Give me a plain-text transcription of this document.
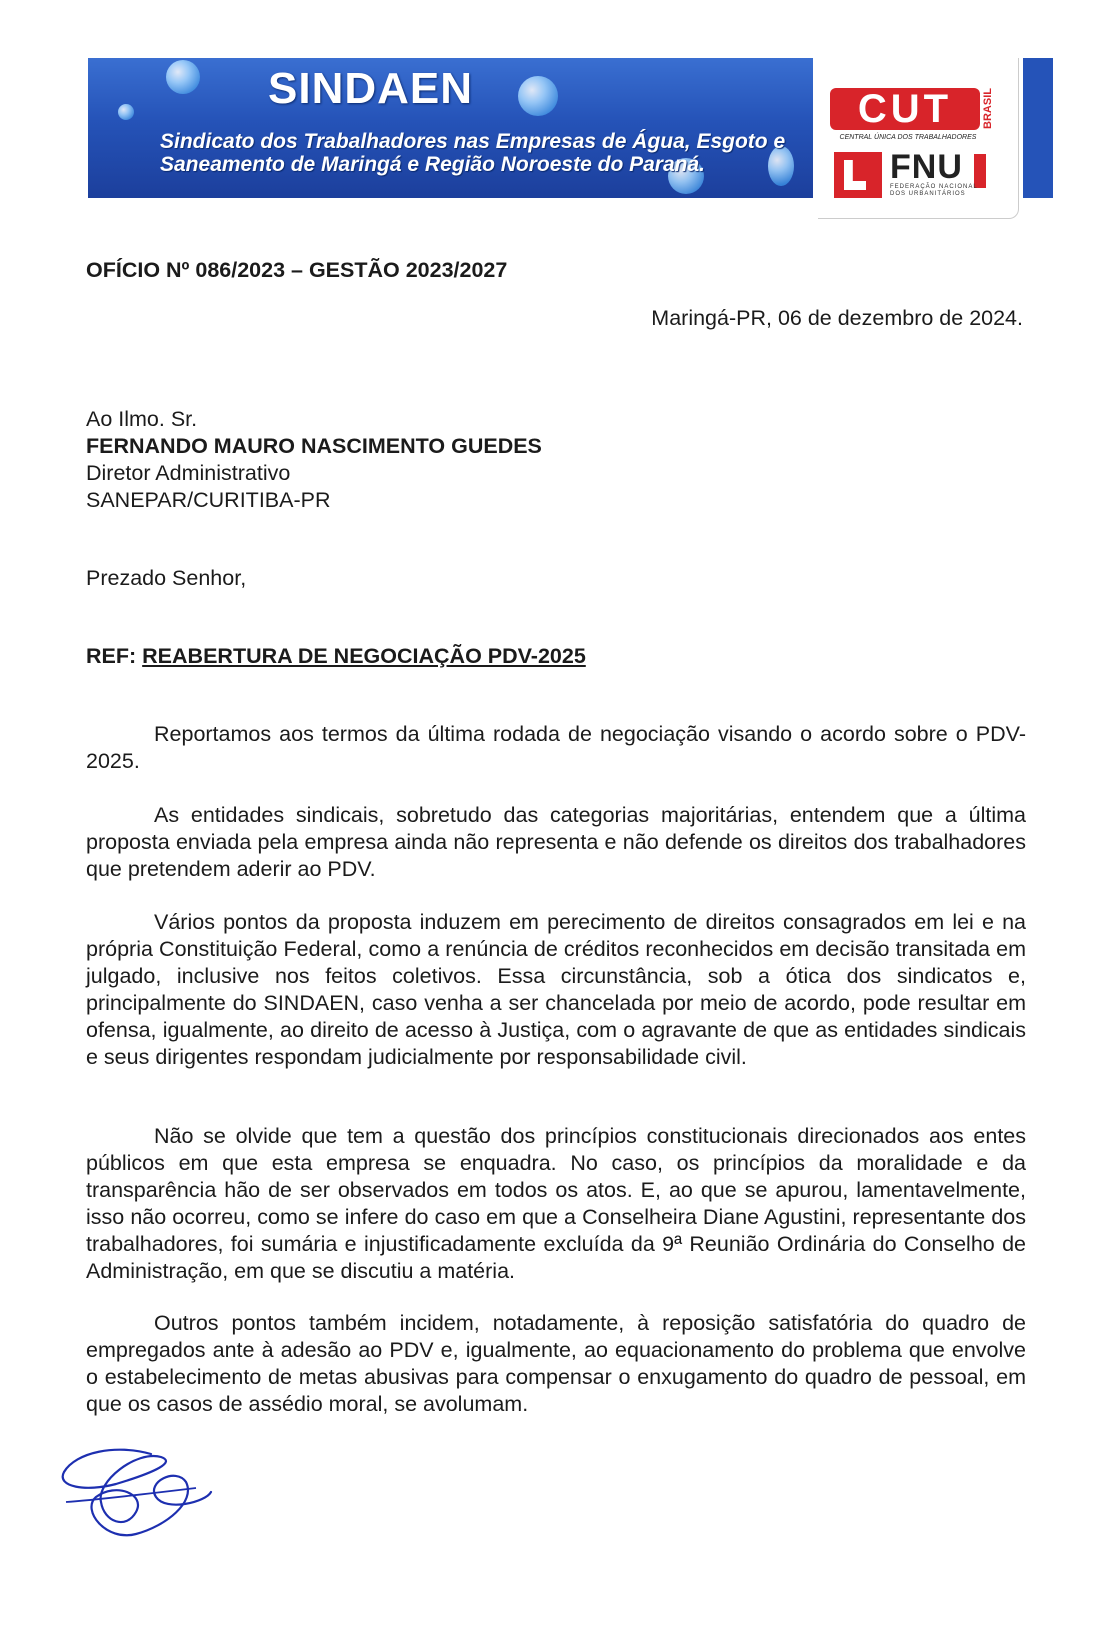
SINDAEN
Sindicato dos Trabalhadores nas Empresas de Água, Esgoto e Saneamento de Maringá e Região Noroeste do Paraná.
CUT	BRASIL
CENTRAL ÚNICA DOS TRABALHADORES
FNU
FEDERAÇÃO NACIONAL DOS URBANITÁRIOS
OFÍCIO Nº 086/2023 – GESTÃO 2023/2027
Maringá-PR, 06 de dezembro de 2024.
Ao Ilmo. Sr.
FERNANDO MAURO NASCIMENTO GUEDES
Diretor Administrativo
SANEPAR/CURITIBA-PR
Prezado Senhor,
REF: REABERTURA DE NEGOCIAÇÃO PDV-2025
Reportamos aos termos da última rodada de negociação visando o acordo sobre o PDV-2025.
As entidades sindicais, sobretudo das categorias majoritárias, entendem que a última proposta enviada pela empresa ainda não representa e não defende os direitos dos trabalhadores que pretendem aderir ao PDV.
Vários pontos da proposta induzem em perecimento de direitos consagrados em lei e na própria Constituição Federal, como a renúncia de créditos reconhecidos em decisão transitada em julgado, inclusive nos feitos coletivos. Essa circunstância, sob a ótica dos sindicatos e, principalmente do SINDAEN, caso venha a ser chancelada por meio de acordo, pode resultar em ofensa, igualmente, ao direito de acesso à Justiça, com o agravante de que as entidades sindicais e seus dirigentes respondam judicialmente por responsabilidade civil.
Não se olvide que tem a questão dos princípios constitucionais direcionados aos entes públicos em que esta empresa se enquadra. No caso, os princípios da moralidade e da transparência hão de ser observados em todos os atos. E, ao que se apurou, lamentavelmente, isso não ocorreu, como se infere do caso em que a Conselheira Diane Agustini, representante dos trabalhadores, foi sumária e injustificadamente excluída da 9ª Reunião Ordinária do Conselho de Administração, em que se discutiu a matéria.
Outros pontos também incidem, notadamente, à reposição satisfatória do quadro de empregados ante à adesão ao PDV e, igualmente, ao equacionamento do problema que envolve o estabelecimento de metas abusivas para compensar o enxugamento do quadro de pessoal, em que os casos de assédio moral, se avolumam.
